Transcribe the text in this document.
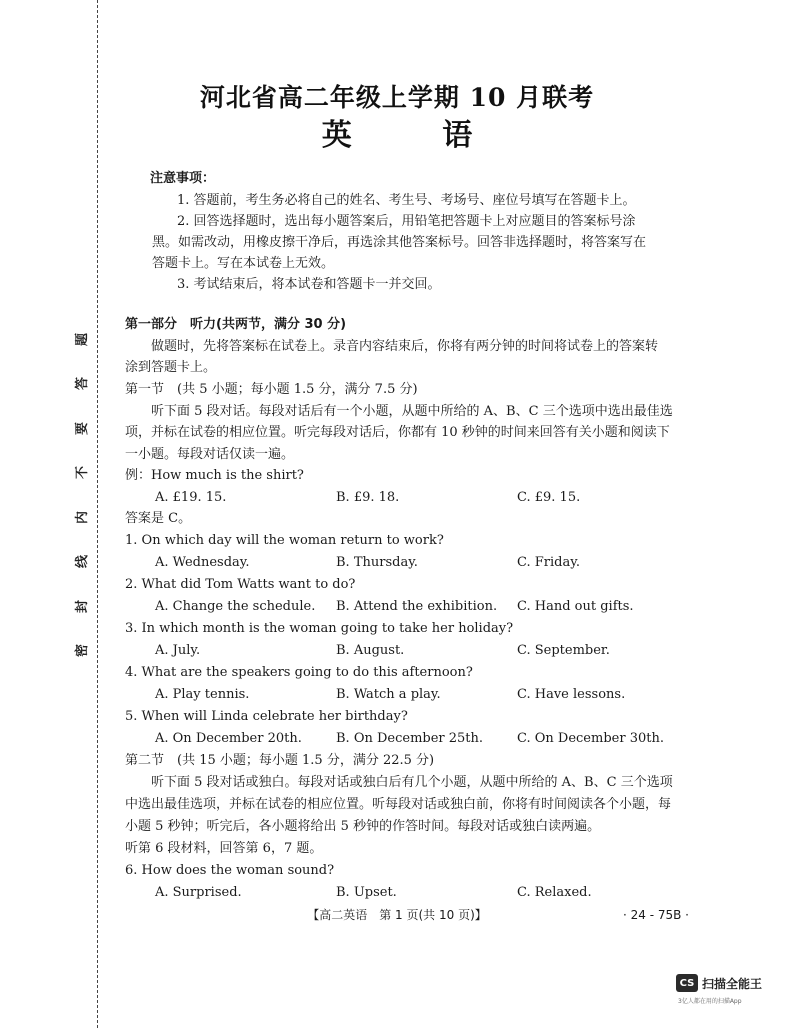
题
答
要
不
内
线
封
密
河北省高二年级上学期 10 月联考
英 语
注意事项：
1. 答题前，考生务必将自己的姓名、考生号、考场号、座位号填写在答题卡上。
2. 回答选择题时，选出每小题答案后，用铅笔把答题卡上对应题目的答案标号涂
黑。如需改动，用橡皮擦干净后，再选涂其他答案标号。回答非选择题时，将答案写在
答题卡上。写在本试卷上无效。
3. 考试结束后，将本试卷和答题卡一并交回。
第一部分　听力(共两节，满分 30 分)
做题时，先将答案标在试卷上。录音内容结束后，你将有两分钟的时间将试卷上的答案转
涂到答题卡上。
第一节　(共 5 小题；每小题 1.5 分，满分 7.5 分)
听下面 5 段对话。每段对话后有一个小题，从题中所给的 A、B、C 三个选项中选出最佳选
项，并标在试卷的相应位置。听完每段对话后，你都有 10 秒钟的时间来回答有关小题和阅读下
一小题。每段对话仅读一遍。
例：How much is the shirt?
A. £19. 15.	B. £9. 18.	C. £9. 15.
答案是 C。
1. On which day will the woman return to work?
A. Wednesday.	B. Thursday.	C. Friday.
2. What did Tom Watts want to do?
A. Change the schedule. B. Attend the exhibition. C. Hand out gifts.
3. In which month is the woman going to take her holiday?
A. July.	B. August.	C. September.
4. What are the speakers going to do this afternoon?
A. Play tennis.	B. Watch a play.	C. Have lessons.
5. When will Linda celebrate her birthday?
A. On December 20th.	B. On December 25th.	C. On December 30th.
第二节　(共 15 小题；每小题 1.5 分，满分 22.5 分)
听下面 5 段对话或独白。每段对话或独白后有几个小题，从题中所给的 A、B、C 三个选项
中选出最佳选项，并标在试卷的相应位置。听每段对话或独白前，你将有时间阅读各个小题，每
小题 5 秒钟；听完后，各小题将给出 5 秒钟的作答时间。每段对话或独白读两遍。
听第 6 段材料，回答第 6，7 题。
6. How does the woman sound?
A. Surprised.	B. Upset.	C. Relaxed.
【高二英语　第 1 页(共 10 页)】	· 24 - 75B ·
CS 扫描全能王
3亿人都在用的扫描App
